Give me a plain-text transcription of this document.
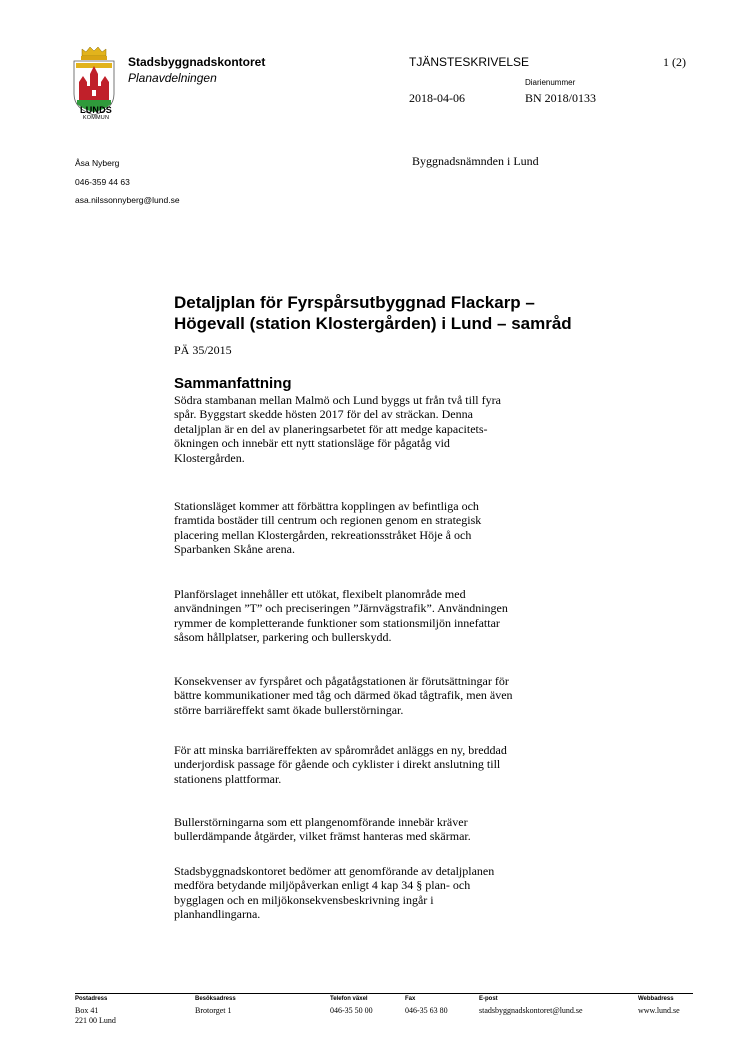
LUNDS
KOMMUN
Stadsbyggnadskontoret
Planavdelningen
TJÄNSTESKRIVELSE	1 (2)
Diarienummer
2018-04-06	BN 2018/0133
Åsa Nyberg
046-359 44 63
asa.nilssonnyberg@lund.se
Byggnadsnämnden i Lund
Detaljplan för Fyrspårsutbyggnad Flackarp –
Högevall (station Klostergården) i Lund – samråd
PÄ 35/2015
Sammanfattning
Södra stambanan mellan Malmö och Lund byggs ut från två till fyra
spår. Byggstart skedde hösten 2017 för del av sträckan. Denna
detaljplan är en del av planeringsarbetet för att medge kapacitets-
ökningen och innebär ett nytt stationsläge för pågatåg vid
Klostergården.
Stationsläget kommer att förbättra kopplingen av befintliga och
framtida bostäder till centrum och regionen genom en strategisk
placering mellan Klostergården, rekreationsstråket Höje å och
Sparbanken Skåne arena.
Planförslaget innehåller ett utökat, flexibelt planområde med
användningen ”T” och preciseringen ”Järnvägstrafik”. Användningen
rymmer de kompletterande funktioner som stationsmiljön innefattar
såsom hållplatser, parkering och bullerskydd.
Konsekvenser av fyrspåret och pågatågstationen är förutsättningar för
bättre kommunikationer med tåg och därmed ökad tågtrafik, men även
större barriäreffekt samt ökade bullerstörningar.
För att minska barriäreffekten av spårområdet anläggs en ny, breddad
underjordisk passage för gående och cyklister i direkt anslutning till
stationens plattformar.
Bullerstörningarna som ett plangenomförande innebär kräver
bullerdämpande åtgärder, vilket främst hanteras med skärmar.
Stadsbyggnadskontoret bedömer att genomförande av detaljplanen
medföra betydande miljöpåverkan enligt 4 kap 34 § plan- och
bygglagen och en miljökonsekvensbeskrivning ingår i
planhandlingarna.
Postadress
Box 41
221 00 Lund
Besöksadress
Brotorget 1
Telefon växel
046-35 50 00
Fax
046-35 63 80
E-post
stadsbyggnadskontoret@lund.se
Webbadress
www.lund.se
